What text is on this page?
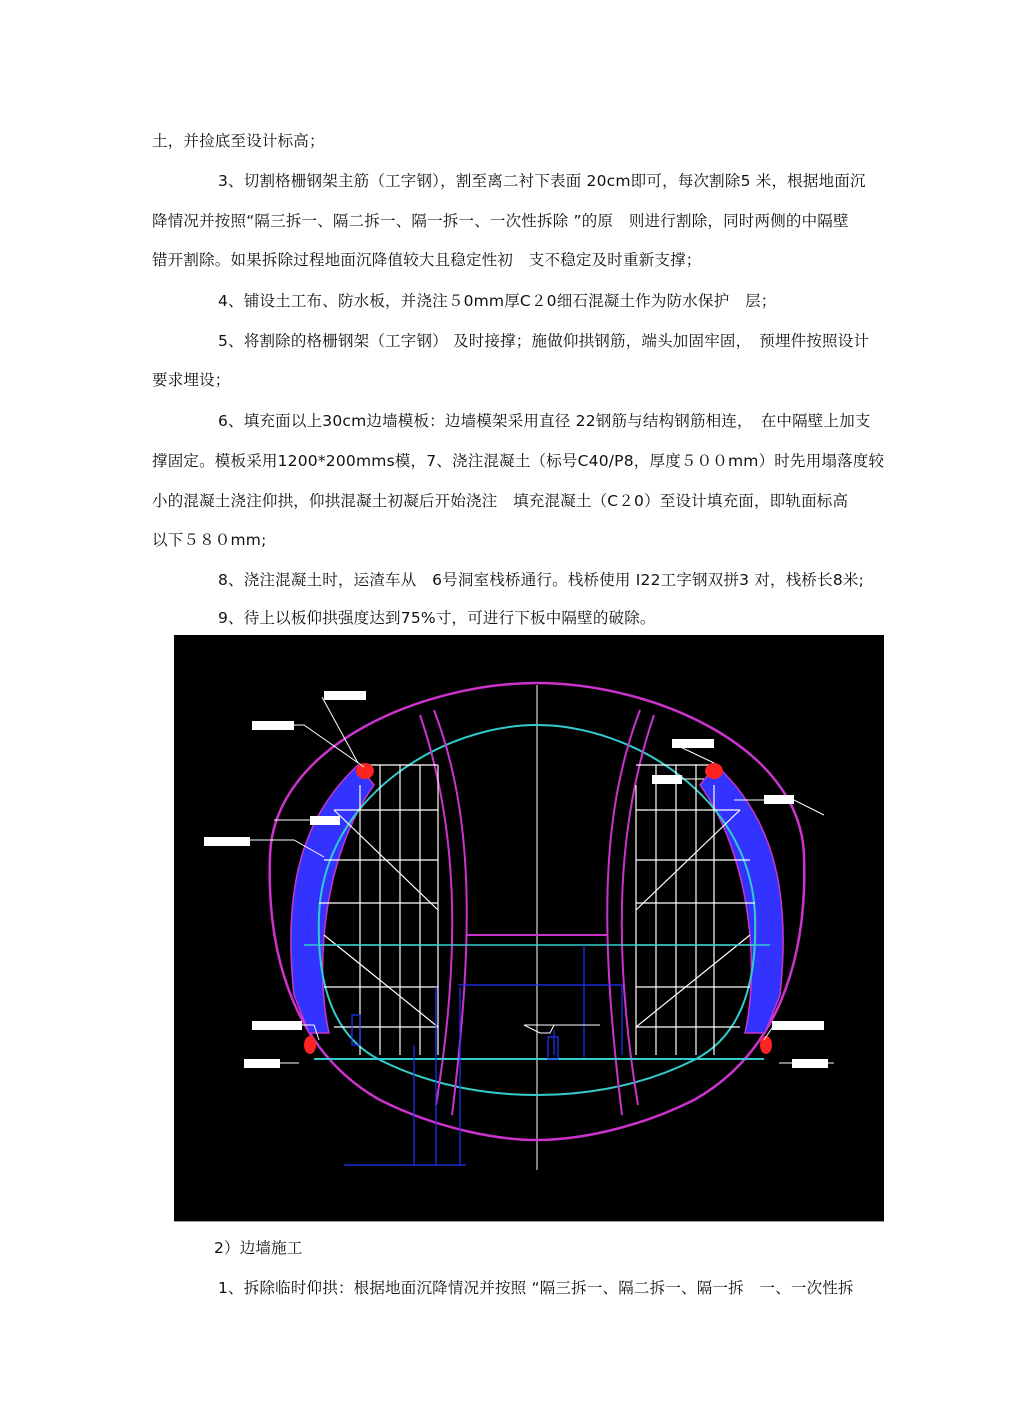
土，并捡底至设计标高；
3、切割格栅钢架主筋（工字钢），割至离二衬下表面 20cm即可，每次割除5 米，根据地面沉
降情况并按照“隔三拆一、隔二拆一、隔一拆一、一次性拆除 ”的原　则进行割除，同时两侧的中隔壁
错开割除。如果拆除过程地面沉降值较大且稳定性初　支不稳定及时重新支撑；
4、铺设土工布、防水板，并浇注５0mm厚C２0细石混凝土作为防水保护　层；
5、将割除的格栅钢架（工字钢） 及时接撑；施做仰拱钢筋，端头加固牢固，　预埋件按照设计
要求埋设；
6、填充面以上30cm边墙模板：边墙模架采用直径 22钢筋与结构钢筋相连，　在中隔壁上加支
撑固定。模板采用1200*200mms模，7、浇注混凝土（标号C40/P8，厚度５００mm）时先用塌落度较
小的混凝土浇注仰拱，仰拱混凝土初凝后开始浇注　填充混凝土（C２0）至设计填充面，即轨面标高
以下５８０mm;
8、浇注混凝土时，运渣车从　6号洞室栈桥通行。栈桥使用 I22工字钢双拼3 对，栈桥长8米;
9、待上以板仰拱强度达到75%寸，可进行下板中隔壁的破除。
2）边墙施工
1、拆除临时仰拱：根据地面沉降情况并按照 “隔三拆一、隔二拆一、隔一拆　一、一次性拆
